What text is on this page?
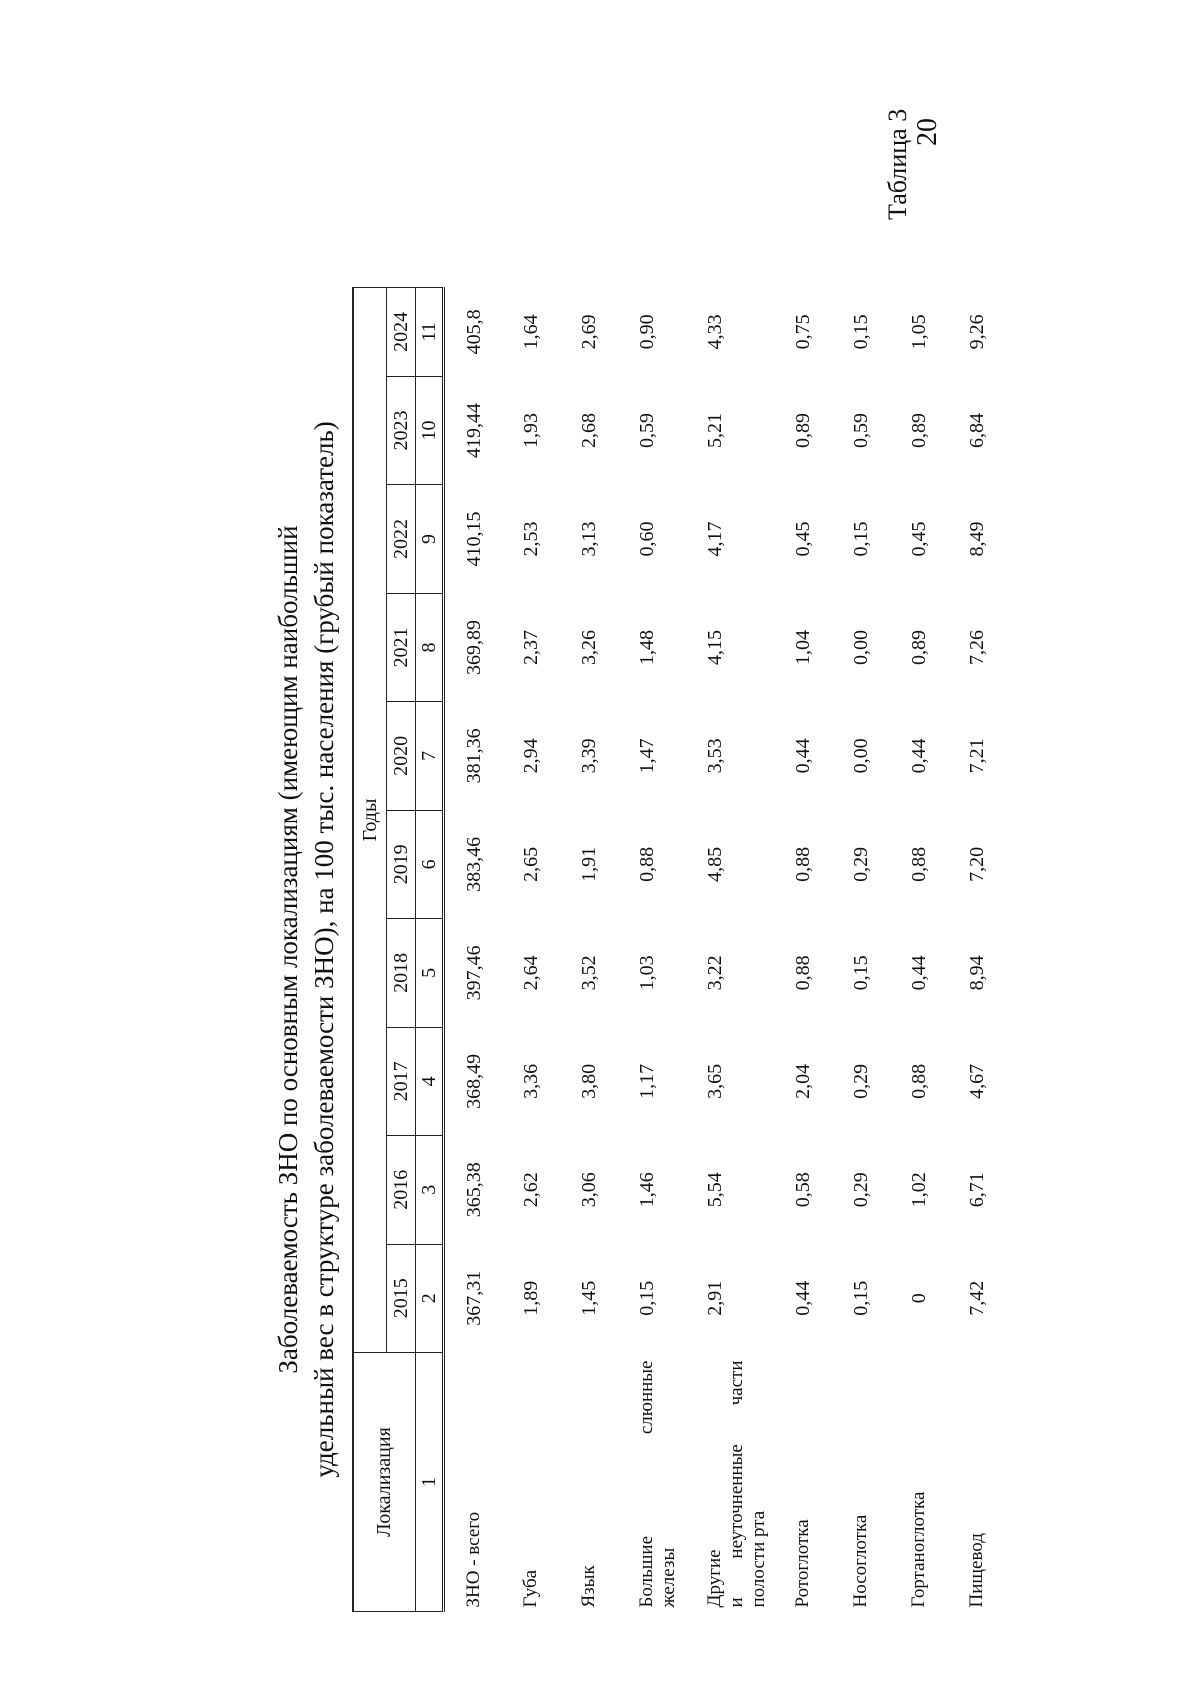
20
Таблица 3
Заболеваемость ЗНО по основным локализациям (имеющим наибольший удельный вес в структуре заболеваемости ЗНО), на 100 тыс. населения (грубый показатель)
Локализация	Годы									
	2015	2016	2017	2018	2019	2020	2021	2022	2023	2024
1	2	3	4	5	6	7	8	9	10	11
ЗНО - всего	367,31	365,38	368,49	397,46	383,46	381,36	369,89	410,15	419,44	405,8
Губа	1,89	2,62	3,36	2,64	2,65	2,94	2,37	2,53	1,93	1,64
Язык	1,45	3,06	3,80	3,52	1,91	3,39	3,26	3,13	2,68	2,69

Большие
слюнные
железы	0,15	1,46	1,17	1,03	0,88	1,47	1,48	0,60	0,59	0,90

Другие и
неуточненные
части
полости рта	2,91	5,54	3,65	3,22	4,85	3,53	4,15	4,17	5,21	4,33
Ротоглотка	0,44	0,58	2,04	0,88	0,88	0,44	1,04	0,45	0,89	0,75
Носоглотка	0,15	0,29	0,29	0,15	0,29	0,00	0,00	0,15	0,59	0,15
Гортаноглотка	0	1,02	0,88	0,44	0,88	0,44	0,89	0,45	0,89	1,05
Пищевод	7,42	6,71	4,67	8,94	7,20	7,21	7,26	8,49	6,84	9,26
